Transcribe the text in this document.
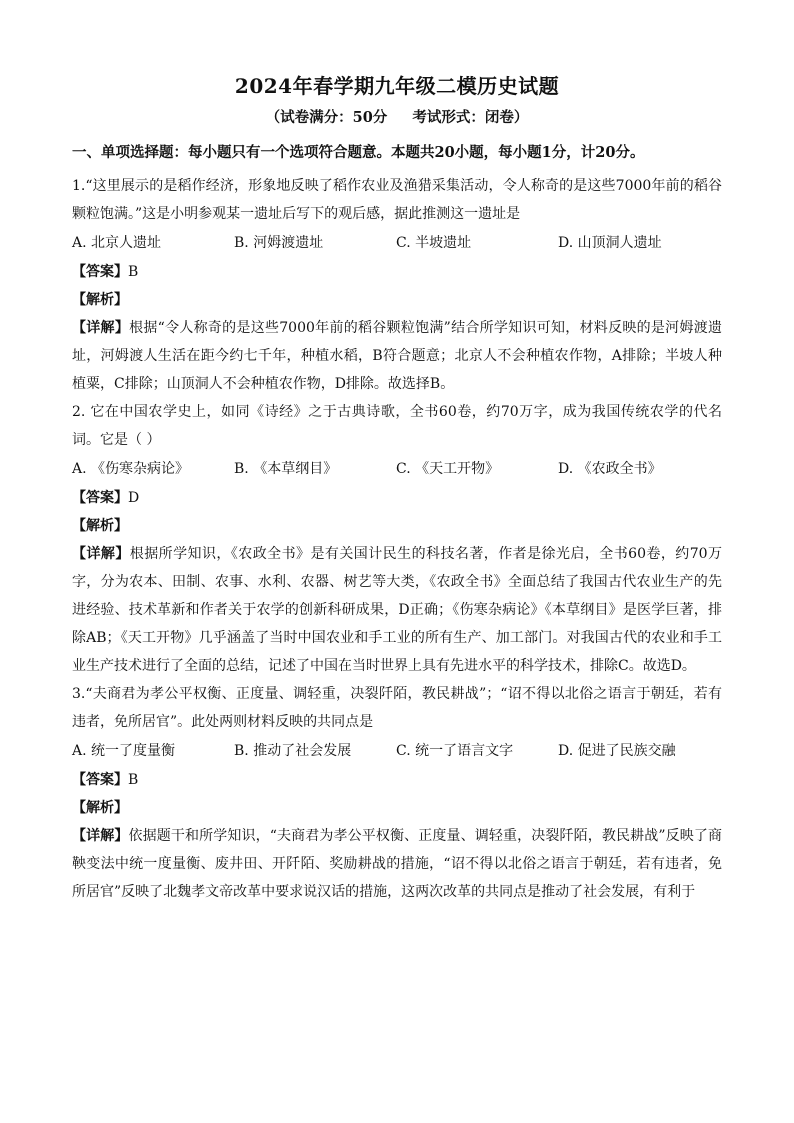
2024年春学期九年级二模历史试题
（试卷满分：50分 考试形式：闭卷）
一、单项选择题：每小题只有一个选项符合题意。本题共20小题，每小题1分，计20分。

1.“这里展示的是稻作经济，形象地反映了稻作农业及渔猎采集活动，令人称奇的是这些7000年前的稻谷颗粒饱满。”这是小明参观某一遗址后写下的观后感，据此推测这一遗址是

A. 北京人遗址	B. 河姆渡遗址	C. 半坡遗址	D. 山顶洞人遗址

【答案】B

【解析】

【详解】根据“令人称奇的是这些7000年前的稻谷颗粒饱满”结合所学知识可知，材料反映的是河姆渡遗址，河姆渡人生活在距今约七千年，种植水稻，B符合题意；北京人不会种植农作物，A排除；半坡人种植粟，C排除；山顶洞人不会种植农作物，D排除。故选择B。

2. 它在中国农学史上，如同《诗经》之于古典诗歌，全书60卷，约70万字，成为我国传统农学的代名词。它是（ ）

A. 《伤寒杂病论》	B. 《本草纲目》	C. 《天工开物》	D. 《农政全书》

【答案】D

【解析】

【详解】根据所学知识，《农政全书》是有关国计民生的科技名著，作者是徐光启，全书60卷，约70万字，分为农本、田制、农事、水利、农器、树艺等大类，《农政全书》全面总结了我国古代农业生产的先进经验、技术革新和作者关于农学的创新科研成果，D正确；《伤寒杂病论》《本草纲目》是医学巨著，排除AB；《天工开物》几乎涵盖了当时中国农业和手工业的所有生产、加工部门。对我国古代的农业和手工业生产技术进行了全面的总结，记述了中国在当时世界上具有先进水平的科学技术，排除C。故选D。

3.“夫商君为孝公平权衡、正度量、调轻重，决裂阡陌，教民耕战”；“诏不得以北俗之语言于朝廷，若有违者，免所居官”。此处两则材料反映的共同点是

A. 统一了度量衡	B. 推动了社会发展	C. 统一了语言文字	D. 促进了民族交融

【答案】B

【解析】

【详解】依据题干和所学知识，“夫商君为孝公平权衡、正度量、调轻重，决裂阡陌，教民耕战”反映了商鞅变法中统一度量衡、废井田、开阡陌、奖励耕战的措施，“诏不得以北俗之语言于朝廷，若有违者，免所居官”反映了北魏孝文帝改革中要求说汉话的措施，这两次改革的共同点是推动了社会发展，有利于
